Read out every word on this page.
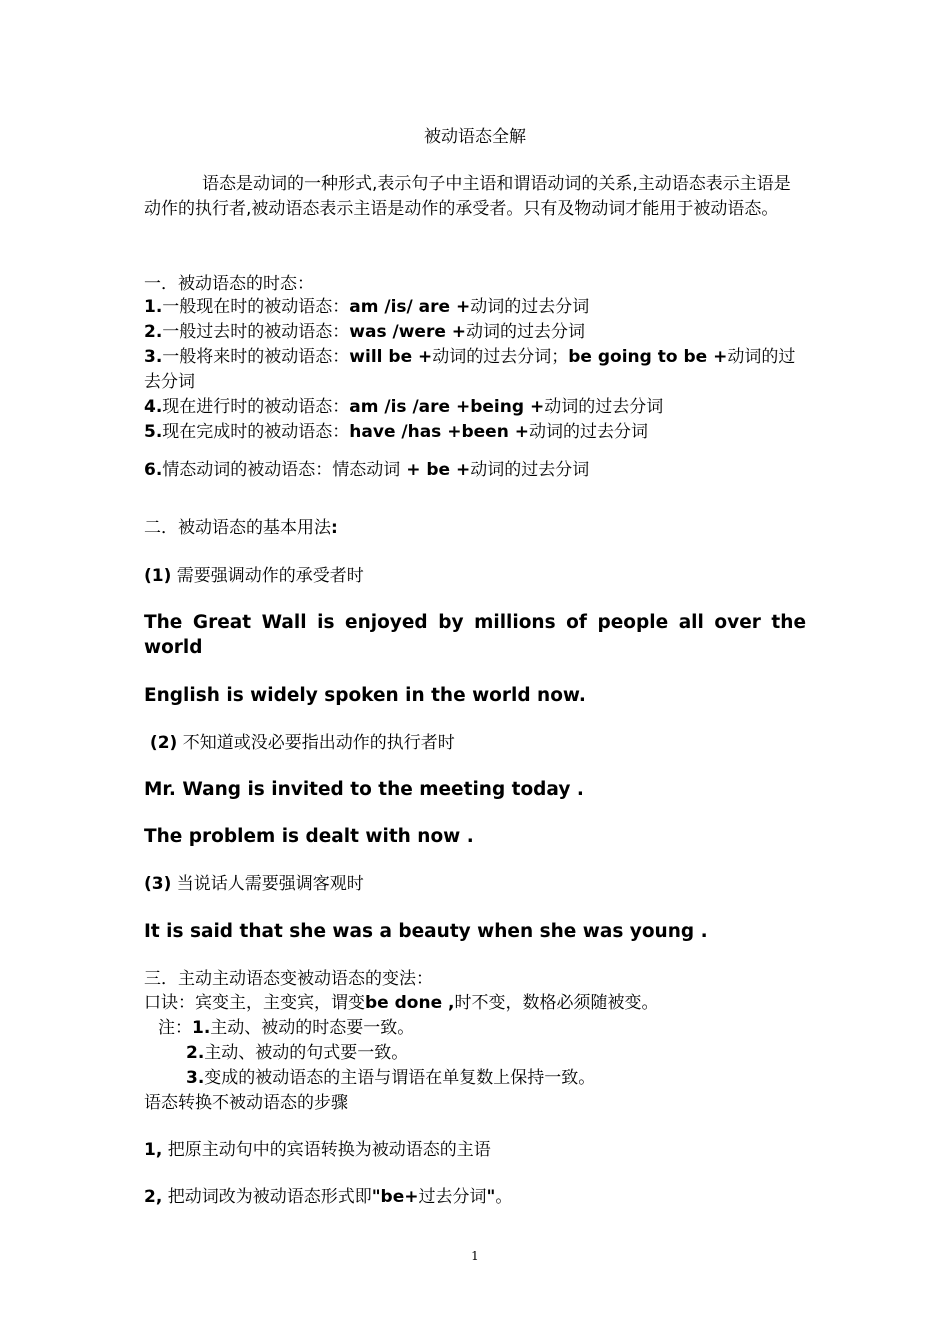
被动语态全解

语态是动词的一种形式,表示句子中主语和谓语动词的关系,主动语态表示主语是动作的执行者,被动语态表示主语是动作的承受者。只有及物动词才能用于被动语态。

一．被动语态的时态：

1.一般现在时的被动语态：am /is/ are +动词的过去分词

2.一般过去时的被动语态：was /were +动词的过去分词

3.一般将来时的被动语态：will be +动词的过去分词；be going to be +动词的过去分词

4.现在进行时的被动语态：am /is /are +being +动词的过去分词

5.现在完成时的被动语态：have /has +been +动词的过去分词

6.情态动词的被动语态：情态动词 + be +动词的过去分词

二．被动语态的基本用法:

(1) 需要强调动作的承受者时

The Great Wall is enjoyed by millions of people all over the world

English is widely spoken in the world now.

(2) 不知道或没必要指出动作的执行者时

Mr. Wang is invited to the meeting today .

The problem is dealt with now .

(3) 当说话人需要强调客观时

It is said that she was a beauty when she was young .

三．主动主动语态变被动语态的变法：

口诀：宾变主，主变宾，谓变be done ,时不变，数格必须随被变。

注：1.主动、被动的时态要一致。

2.主动、被动的句式要一致。

3.变成的被动语态的主语与谓语在单复数上保持一致。

语态转换不被动语态的步骤

1, 把原主动句中的宾语转换为被动语态的主语

2, 把动词改为被动语态形式即"be+过去分词"。

1
